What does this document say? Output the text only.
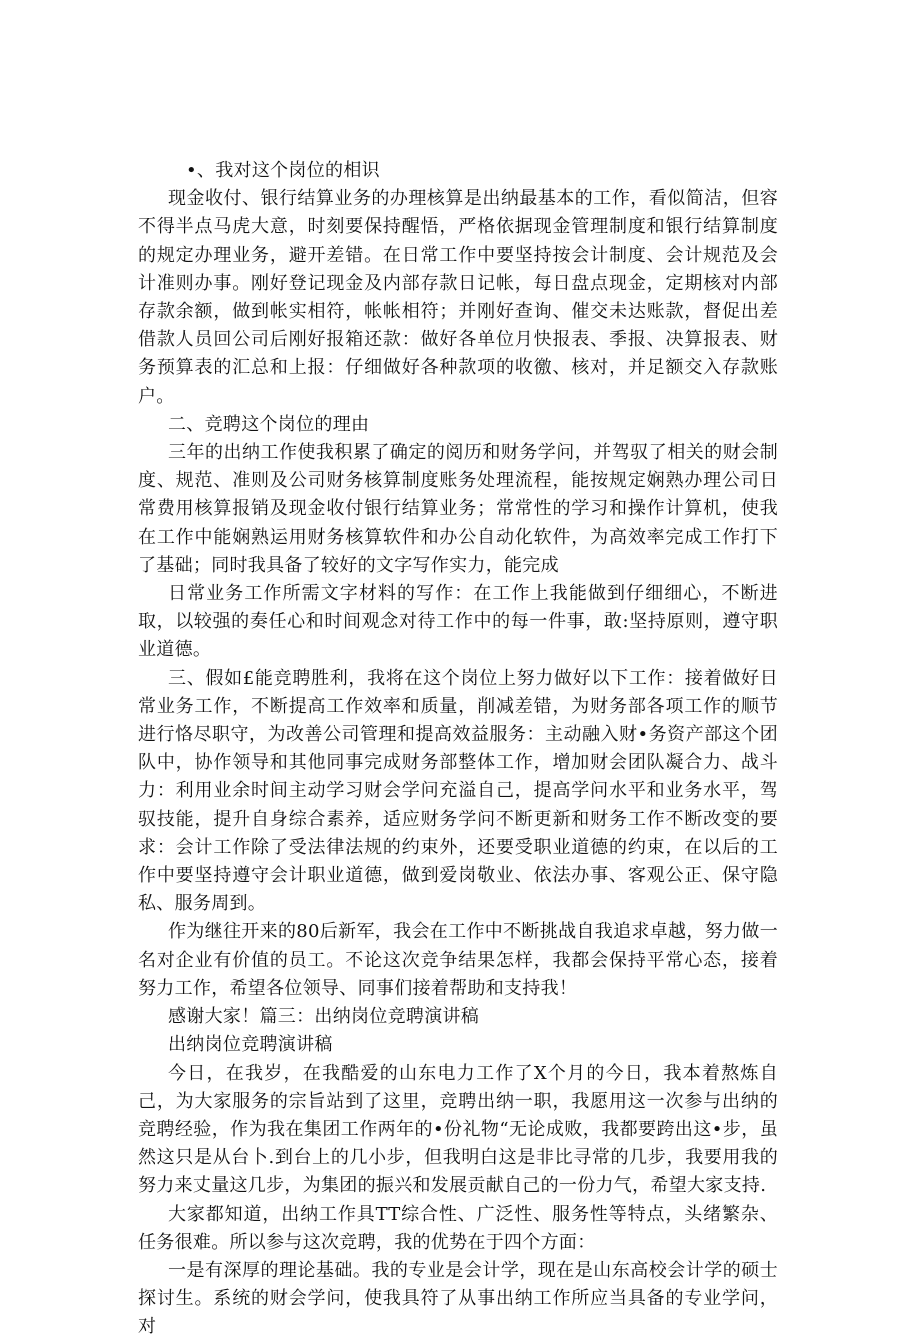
•、我对这个岗位的相识

现金收付、银行结算业务的办理核算是出纳最基本的工作，看似简洁，但容不得半点马虎大意，时刻要保持醒悟，严格依据现金管理制度和银行结算制度的规定办理业务，避开差错。在日常工作中要坚持按会计制度、会计规范及会计准则办事。刚好登记现金及内部存款日记帐，每日盘点现金，定期核对内部存款余额，做到帐实相符，帐帐相符；并刚好查询、催交未达账款，督促出差借款人员回公司后刚好报箱还款：做好各单位月快报表、季报、决算报表、财务预算表的汇总和上报：仔细做好各种款项的收徼、核对，并足额交入存款账户。

二、竞聘这个岗位的理由

三年的出纳工作使我积累了确定的阅历和财务学问，并驾驭了相关的财会制度、规范、准则及公司财务核算制度账务处理流程，能按规定娴熟办理公司日常费用核算报销及现金收付银行结算业务；常常性的学习和操作计算机，使我在工作中能娴熟运用财务核算软件和办公自动化软件，为高效率完成工作打下了基础；同时我具备了较好的文字写作实力，能完成

日常业务工作所需文字材料的写作：在工作上我能做到仔细细心，不断进取，以较强的奏任心和时间观念对待工作中的每一件事，敢:坚持原则，遵守职业道德。

三、假如£能竞聘胜利，我将在这个岗位上努力做好以下工作：接着做好日常业务工作，不断提高工作效率和质量，削减差错，为财务部各项工作的顺节进行恪尽职守，为改善公司管理和提高效益服务：主动融入财•务资产部这个团队中，协作领导和其他同事完成财务部整体工作，增加财会团队凝合力、战斗力：利用业余时间主动学习财会学问充溢自己，提高学问水平和业务水平，驾驭技能，提升自身综合素养，适应财务学问不断更新和财务工作不断改变的要求：会计工作除了受法律法规的约束外，还要受职业道德的约束，在以后的工作中要坚持遵守会计职业道德，做到爱岗敬业、依法办事、客观公正、保守隐私、服务周到。

作为继往开来的80后新军，我会在工作中不断挑战自我追求卓越，努力做一名对企业有价值的员工。不论这次竞争结果怎样，我都会保持平常心态，接着努力工作，希望各位领导、同事们接着帮助和支持我！

感谢大家！篇三：出纳岗位竞聘演讲稿

出纳岗位竞聘演讲稿

今日，在我岁，在我酷爱的山东电力工作了X个月的今日，我本着熬炼自己，为大家服务的宗旨站到了这里，竞聘出纳一职，我愿用这一次参与出纳的竞聘经验，作为我在集团工作两年的•份礼物“无论成败，我都要跨出这•步，虽然这只是从台卜.到台上的几小步，但我明白这是非比寻常的几步，我要用我的努力来丈量这几步，为集团的振兴和发展贡献自己的一份力气，希望大家支持.

大家都知道，出纳工作具TT综合性、广泛性、服务性等特点，头绪繁杂、任务很难。所以参与这次竞聘，我的优势在于四个方面：

一是有深厚的理论基础。我的专业是会计学，现在是山东高校会计学的硕士探讨生。系统的财会学问，使我具符了从事出纳工作所应当具备的专业学问，对
